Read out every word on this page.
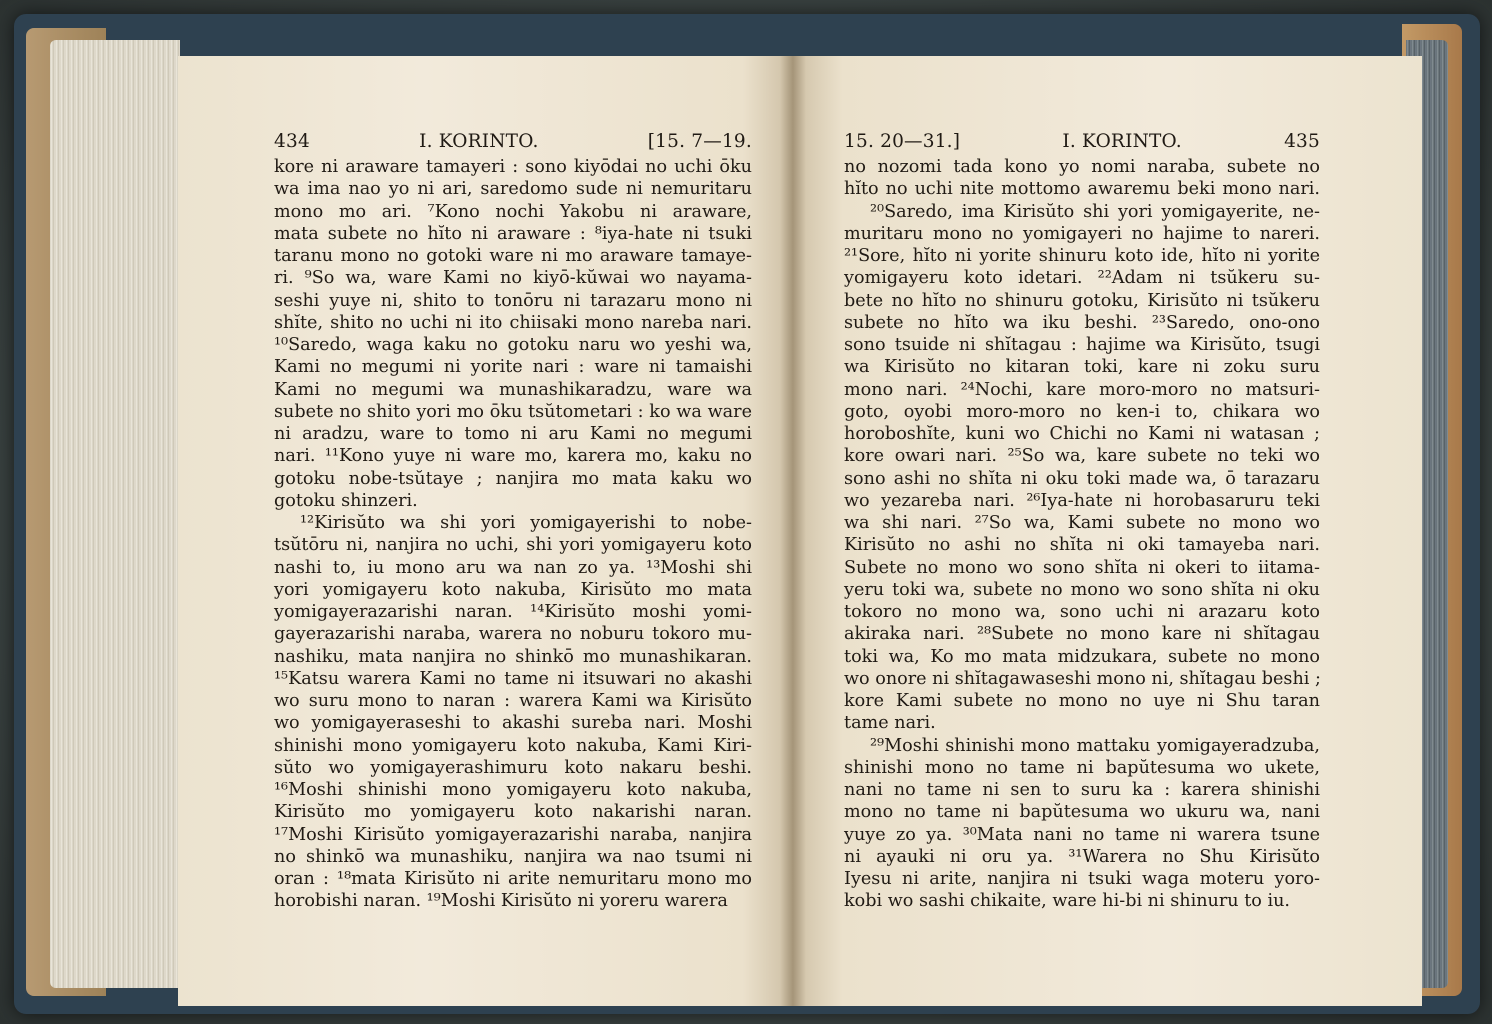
434	I. KORINTO.	[15. 7—19.
kore ni araware tamayeri : sono kiyōdai no uchi ōku
wa ima nao yo ni ari, saredomo sude ni nemuritaru
mono mo ari. ⁷Kono nochi Yakobu ni araware,
mata subete no hĭto ni araware : ⁸iya-hate ni tsuki
taranu mono no gotoki ware ni mo araware tamaye-
ri. ⁹So wa, ware Kami no kiyō-kŭwai wo nayama-
seshi yuye ni, shito to tonōru ni tarazaru mono ni
shĭte, shito no uchi ni ito chiisaki mono nareba nari.
¹⁰Saredo, waga kaku no gotoku naru wo yeshi wa,
Kami no megumi ni yorite nari : ware ni tamaishi
Kami no megumi wa munashikaradzu, ware wa
subete no shito yori mo ōku tsŭtometari : ko wa ware
ni aradzu, ware to tomo ni aru Kami no megumi
nari. ¹¹Kono yuye ni ware mo, karera mo, kaku no
gotoku nobe-tsŭtaye ; nanjira mo mata kaku wo
gotoku shinzeri.
¹²Kirisŭto wa shi yori yomigayerishi to nobe-
tsŭtōru ni, nanjira no uchi, shi yori yomigayeru koto
nashi to, iu mono aru wa nan zo ya. ¹³Moshi shi
yori yomigayeru koto nakuba, Kirisŭto mo mata
yomigayerazarishi naran. ¹⁴Kirisŭto moshi yomi-
gayerazarishi naraba, warera no noburu tokoro mu-
nashiku, mata nanjira no shinkō mo munashikaran.
¹⁵Katsu warera Kami no tame ni itsuwari no akashi
wo suru mono to naran : warera Kami wa Kirisŭto
wo yomigayeraseshi to akashi sureba nari. Moshi
shinishi mono yomigayeru koto nakuba, Kami Kiri-
sŭto wo yomigayerashimuru koto nakaru beshi.
¹⁶Moshi shinishi mono yomigayeru koto nakuba,
Kirisŭto mo yomigayeru koto nakarishi naran.
¹⁷Moshi Kirisŭto yomigayerazarishi naraba, nanjira
no shinkō wa munashiku, nanjira wa nao tsumi ni
oran : ¹⁸mata Kirisŭto ni arite nemuritaru mono mo
horobishi naran. ¹⁹Moshi Kirisŭto ni yoreru warera
15. 20—31.]	I. KORINTO.	435
no nozomi tada kono yo nomi naraba, subete no
hĭto no uchi nite mottomo awaremu beki mono nari.
²⁰Saredo, ima Kirisŭto shi yori yomigayerite, ne-
muritaru mono no yomigayeri no hajime to nareri.
²¹Sore, hĭto ni yorite shinuru koto ide, hĭto ni yorite
yomigayeru koto idetari. ²²Adam ni tsŭkeru su-
bete no hĭto no shinuru gotoku, Kirisŭto ni tsŭkeru
subete no hĭto wa iku beshi. ²³Saredo, ono-ono
sono tsuide ni shĭtagau : hajime wa Kirisŭto, tsugi
wa Kirisŭto no kitaran toki, kare ni zoku suru
mono nari. ²⁴Nochi, kare moro-moro no matsuri-
goto, oyobi moro-moro no ken-i to, chikara wo
horoboshĭte, kuni wo Chichi no Kami ni watasan ;
kore owari nari. ²⁵So wa, kare subete no teki wo
sono ashi no shĭta ni oku toki made wa, ō tarazaru
wo yezareba nari. ²⁶Iya-hate ni horobasaruru teki
wa shi nari. ²⁷So wa, Kami subete no mono wo
Kirisŭto no ashi no shĭta ni oki tamayeba nari.
Subete no mono wo sono shĭta ni okeri to iitama-
yeru toki wa, subete no mono wo sono shĭta ni oku
tokoro no mono wa, sono uchi ni arazaru koto
akiraka nari. ²⁸Subete no mono kare ni shĭtagau
toki wa, Ko mo mata midzukara, subete no mono
wo onore ni shĭtagawaseshi mono ni, shĭtagau beshi ;
kore Kami subete no mono no uye ni Shu taran
tame nari.
²⁹Moshi shinishi mono mattaku yomigayeradzuba,
shinishi mono no tame ni bapŭtesuma wo ukete,
nani no tame ni sen to suru ka : karera shinishi
mono no tame ni bapŭtesuma wo ukuru wa, nani
yuye zo ya. ³⁰Mata nani no tame ni warera tsune
ni ayauki ni oru ya. ³¹Warera no Shu Kirisŭto
Iyesu ni arite, nanjira ni tsuki waga moteru yoro-
kobi wo sashi chikaite, ware hi-bi ni shinuru to iu.
